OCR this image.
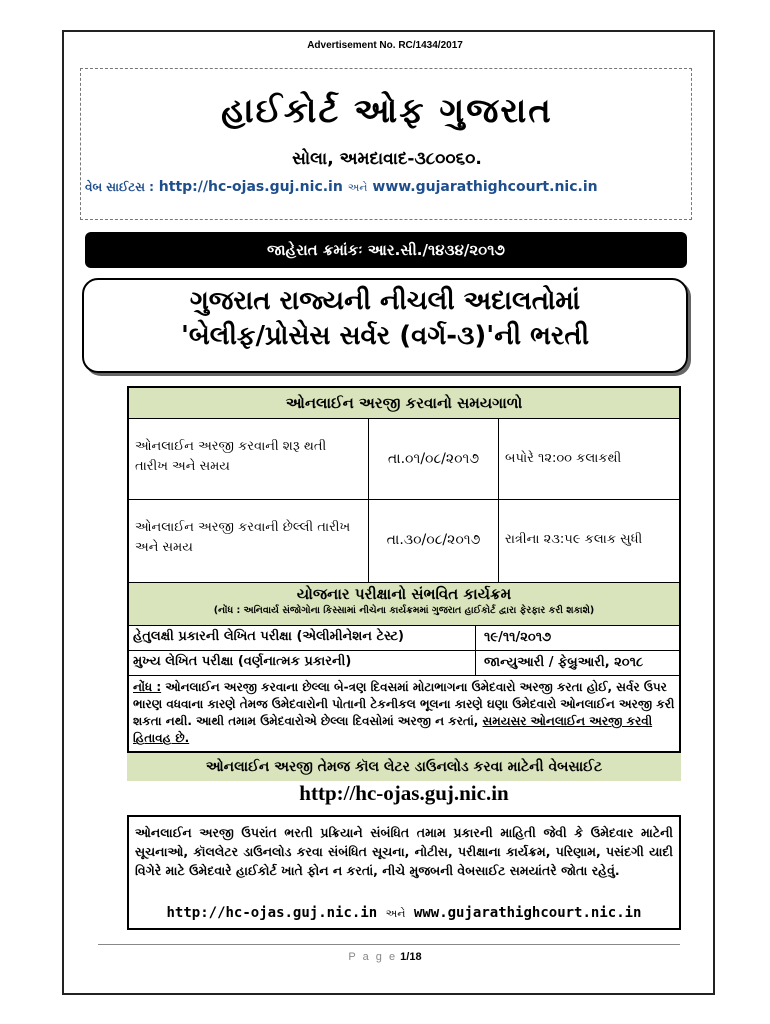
Advertisement No. RC/1434/2017
હાઈકોર્ટ ઓફ ગુજરાત
સોલા, અમદાવાદ-૩૮૦૦૬૦.
વેબ સાઈટસ : http://hc-ojas.guj.nic.in અને www.gujarathighcourt.nic.in
જાહેરાત ક્રમાંકઃ આર.સી./૧૪૩૪/૨૦૧૭
ગુજરાત રાજ્યની નીચલી અદાલતોમાં
'બેલીફ/પ્રોસેસ સર્વર (વર્ગ-૩)'ની ભરતી
ઓનલાઈન અરજી કરવાનો સમયગાળો
ઓનલાઈન અરજી કરવાની શરૂ થતી તારીખ અને સમય	તા.૦૧/૦૮/૨૦૧૭	બપોરે ૧૨:૦૦ કલાકથી
ઓનલાઈન અરજી કરવાની છેલ્લી તારીખ અને સમય	તા.૩૦/૦૮/૨૦૧૭	રાત્રીના ૨૩:૫૯ કલાક સુધી
યોજનાર પરીક્ષાનો સંભવિત કાર્યક્રમ
(નોંધ : અનિવાર્ય સંજોગોના કિસ્સામાં નીચેના કાર્યક્રમમાં ગુજરાત હાઈકોર્ટ દ્વારા ફેરફાર કરી શકાશે)
હેતુલક્ષી પ્રકારની લેખિત પરીક્ષા (એલીમીનેશન ટેસ્ટ)	૧૯/૧૧/૨૦૧૭
મુખ્ય લેખિત પરીક્ષા (વર્ણનાત્મક પ્રકારની)	જાન્યુઆરી / ફેબ્રુઆરી, ૨૦૧૮
નોંધ : ઓનલાઈન અરજી કરવાના છેલ્લા બે-ત્રણ દિવસમાં મોટાભાગના ઉમેદવારો અરજી કરતા હોઈ, સર્વર ઉપર ભારણ વધવાના કારણે તેમજ ઉમેદવારોની પોતાની ટેકનીકલ ભૂલના કારણે ઘણા ઉમેદવારો ઓનલાઈન અરજી કરી શકતા નથી. આથી તમામ ઉમેદવારોએ છેલ્લા દિવસોમાં અરજી ન કરતાં, સમયસર ઓનલાઈન અરજી કરવી હિતાવહ છે.
ઓનલાઈન અરજી તેમજ કૉલ લેટર ડાઉનલોડ કરવા માટેની વેબસાઈટ
http://hc-ojas.guj.nic.in
ઓનલાઈન અરજી ઉપરાંત ભરતી પ્રક્રિયાને સંબંધિત તમામ પ્રકારની માહિતી જેવી કે ઉમેદવાર માટેની સૂચનાઓ, કૉલલેટર ડાઉનલોડ કરવા સંબંધિત સૂચના, નોટીસ, પરીક્ષાના કાર્યક્રમ, પરિણામ, પસંદગી યાદી વિગેરે માટે ઉમેદવારે હાઈકોર્ટ ખાતે ફોન ન કરતાં, નીચે મુજબની વેબસાઈટ સમયાંતરે જોતા રહેવું.
http://hc-ojas.guj.nic.in અને www.gujarathighcourt.nic.in
P a g e 1/18
